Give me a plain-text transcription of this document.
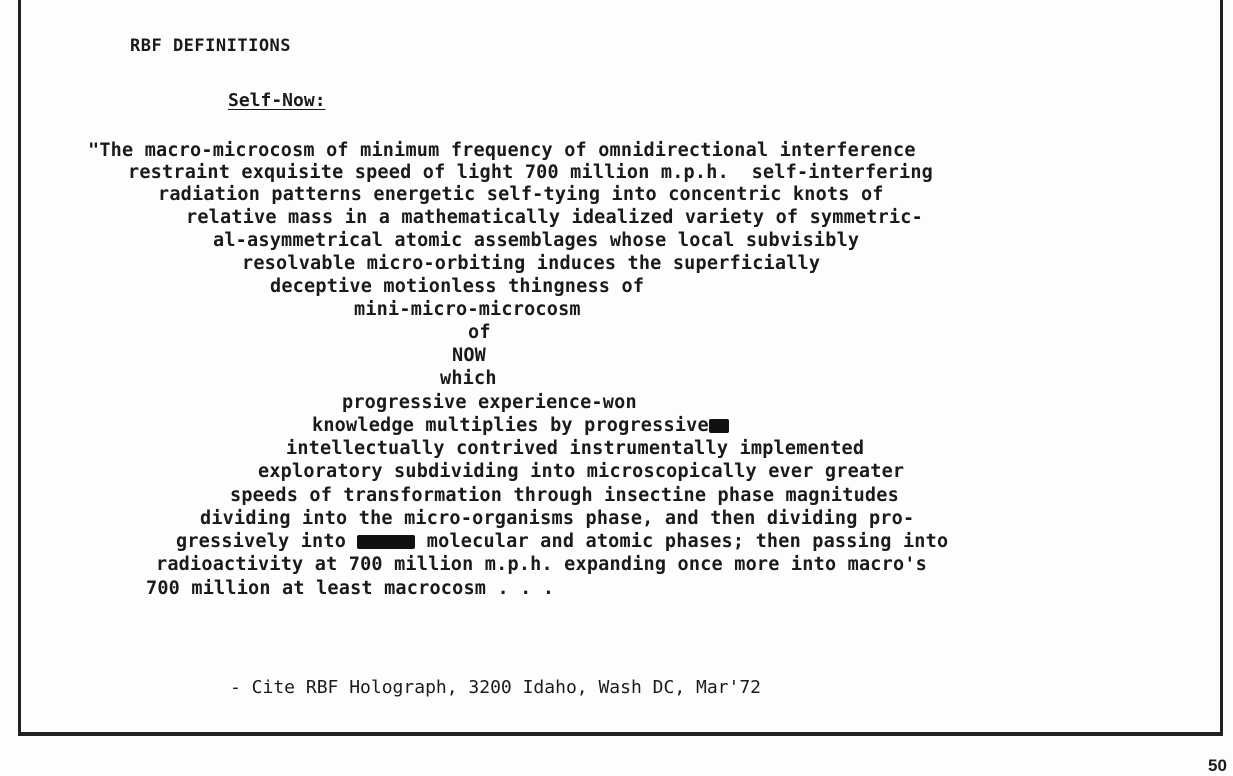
RBF DEFINITIONS
Self-Now:
"The macro-microcosm of minimum frequency of omnidirectional interference
restraint exquisite speed of light 700 million m.p.h.  self-interfering
radiation patterns energetic self-tying into concentric knots of
relative mass in a mathematically idealized variety of symmetric-
al-asymmetrical atomic assemblages whose local subvisibly
resolvable micro-orbiting induces the superficially
deceptive motionless thingness of
mini-micro-microcosm
of
NOW
which
progressive experience-won
knowledge multiplies by progressive
intellectually contrived instrumentally implemented
exploratory subdividing into microscopically ever greater
speeds of transformation through insectine phase magnitudes
dividing into the micro-organisms phase, and then dividing pro-
gressively into	molecular and atomic phases; then passing into
radioactivity at 700 million m.p.h. expanding once more into macro's
700 million at least macrocosm . . .
- Cite RBF Holograph, 3200 Idaho, Wash DC, Mar'72
50
